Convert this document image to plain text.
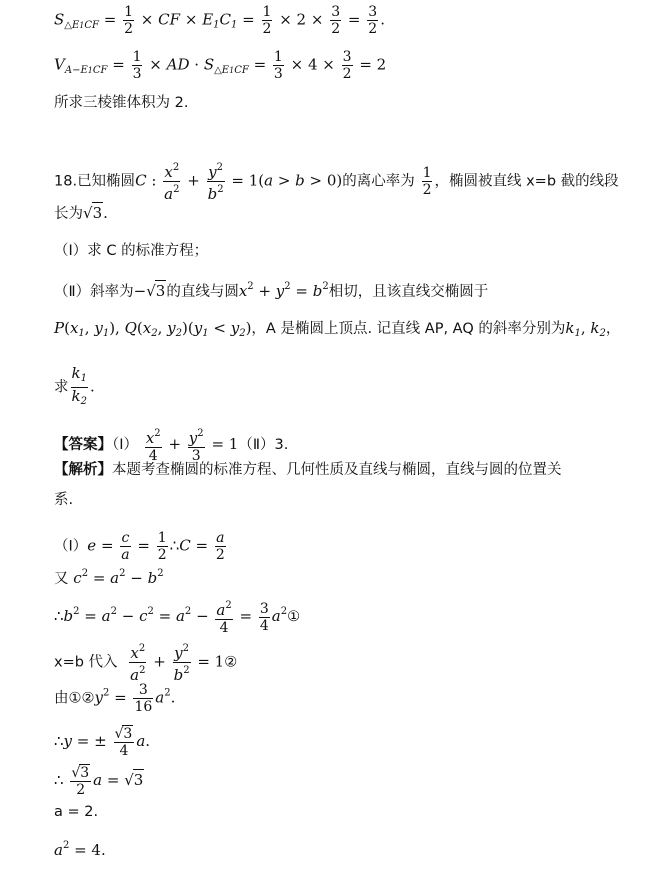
$S_{\triangle E1CF} = \frac{1}{2}$ × CF × $E_1C_1 = \frac{1}{2} \times 2 \times \frac{3}{2} = \frac{3}{2}$ .
$V_{A-E1CF} = \frac{1}{3}$ × AD · $S_{\triangle E1CF} = \frac{1}{3} \times 4 \times \frac{3}{2} = 2$
所求三棱锥体积为 2.
18.已知椭圆C : $\frac{x^2}{a^2} + \frac{y^2}{b^2} = 1(a > b > 0)$的离心率为 $\frac{1}{2}$ ，椭圆被直线 x=b 截的线段
长为√3.
（Ⅰ）求 C 的标准方程；
（Ⅱ）斜率为−√3的直线与圆$x^2 + y^2 = b^2$相切，且该直线交椭圆于
$P(x_1$, $y_1$), $Q(x_2$, $y_2)(y_1 < y_2)$，A 是椭圆上顶点. 记直线 AP, AQ 的斜率分别为$k_1$, $k_2$，
求 $\frac{k_1}{k_2}$ .
【答案】（Ⅰ） $\frac{x^2}{4} + \frac{y^2}{3}$ = 1（Ⅱ）3.
【解析】本题考查椭圆的标准方程、几何性质及直线与椭圆，直线与圆的位置关
系.
（Ⅰ）e = $\frac{c}{a} = \frac{1}{2}$ ∴C = $\frac{a}{2}$
又 $c^2 = a^2 - b^2$
$\therefore b^2 = a^2 - c^2 = a^2 - \frac{a^2}{4} = \frac{3}{4}$ $a^2①$
x=b 代入 $\frac{x^2}{a^2} + \frac{y^2}{b^2}$ = 1②
由$①②y^2 = \frac{3}{16} a^2$.
∴y = ± $\frac{√3}{4} a$.
∴ $\frac{√3}{2}$ a = √3
a = 2.
$a^2 = 4$.
